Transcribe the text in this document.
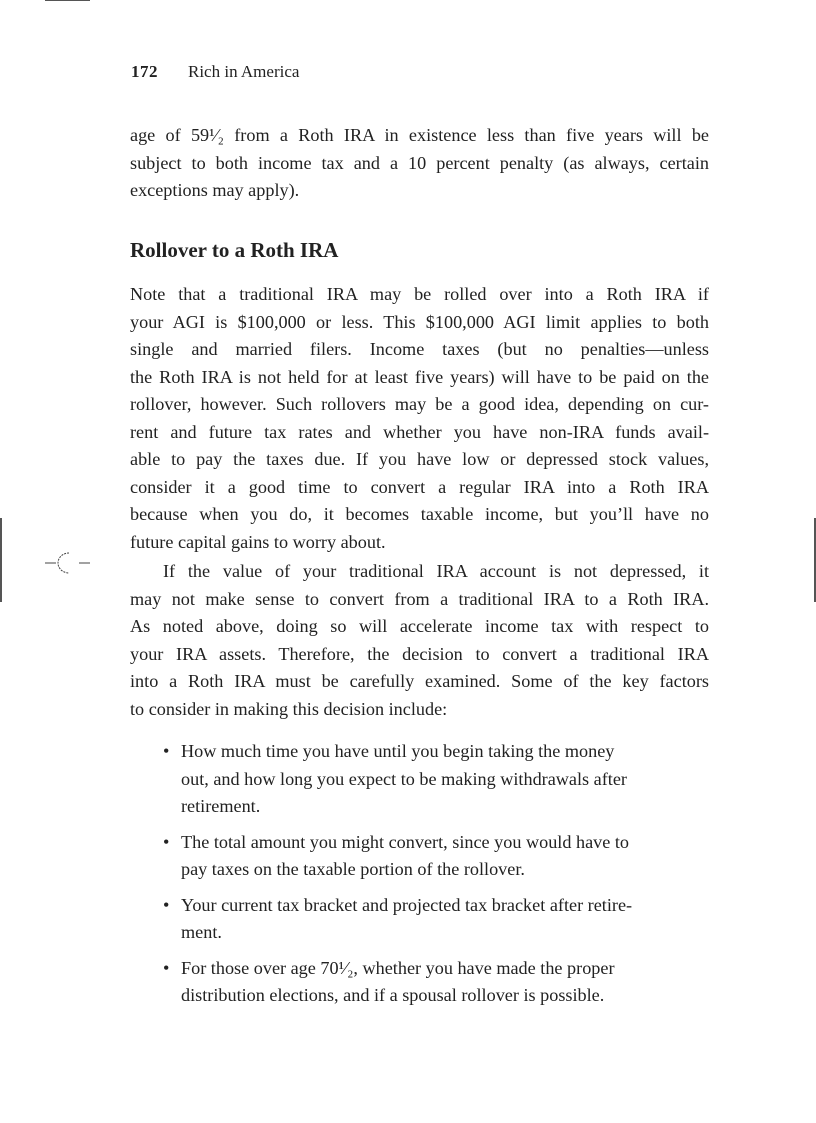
172 Rich in America
age of 59¹⁄₂ from a Roth IRA in existence less than five years will be
subject to both income tax and a 10 percent penalty (as always, certain
exceptions may apply).
Rollover to a Roth IRA
Note that a traditional IRA may be rolled over into a Roth IRA if
your AGI is $100,000 or less. This $100,000 AGI limit applies to both
single and married filers. Income taxes (but no penalties—unless
the Roth IRA is not held for at least five years) will have to be paid on the
rollover, however. Such rollovers may be a good idea, depending on cur-
rent and future tax rates and whether you have non-IRA funds avail-
able to pay the taxes due. If you have low or depressed stock values,
consider it a good time to convert a regular IRA into a Roth IRA
because when you do, it becomes taxable income, but you’ll have no
future capital gains to worry about.
If the value of your traditional IRA account is not depressed, it
may not make sense to convert from a traditional IRA to a Roth IRA.
As noted above, doing so will accelerate income tax with respect to
your IRA assets. Therefore, the decision to convert a traditional IRA
into a Roth IRA must be carefully examined. Some of the key factors
to consider in making this decision include:
• How much time you have until you begin taking the money
out, and how long you expect to be making withdrawals after
retirement.
• The total amount you might convert, since you would have to
pay taxes on the taxable portion of the rollover.
• Your current tax bracket and projected tax bracket after retire-
ment.
• For those over age 70¹⁄₂, whether you have made the proper
distribution elections, and if a spousal rollover is possible.
